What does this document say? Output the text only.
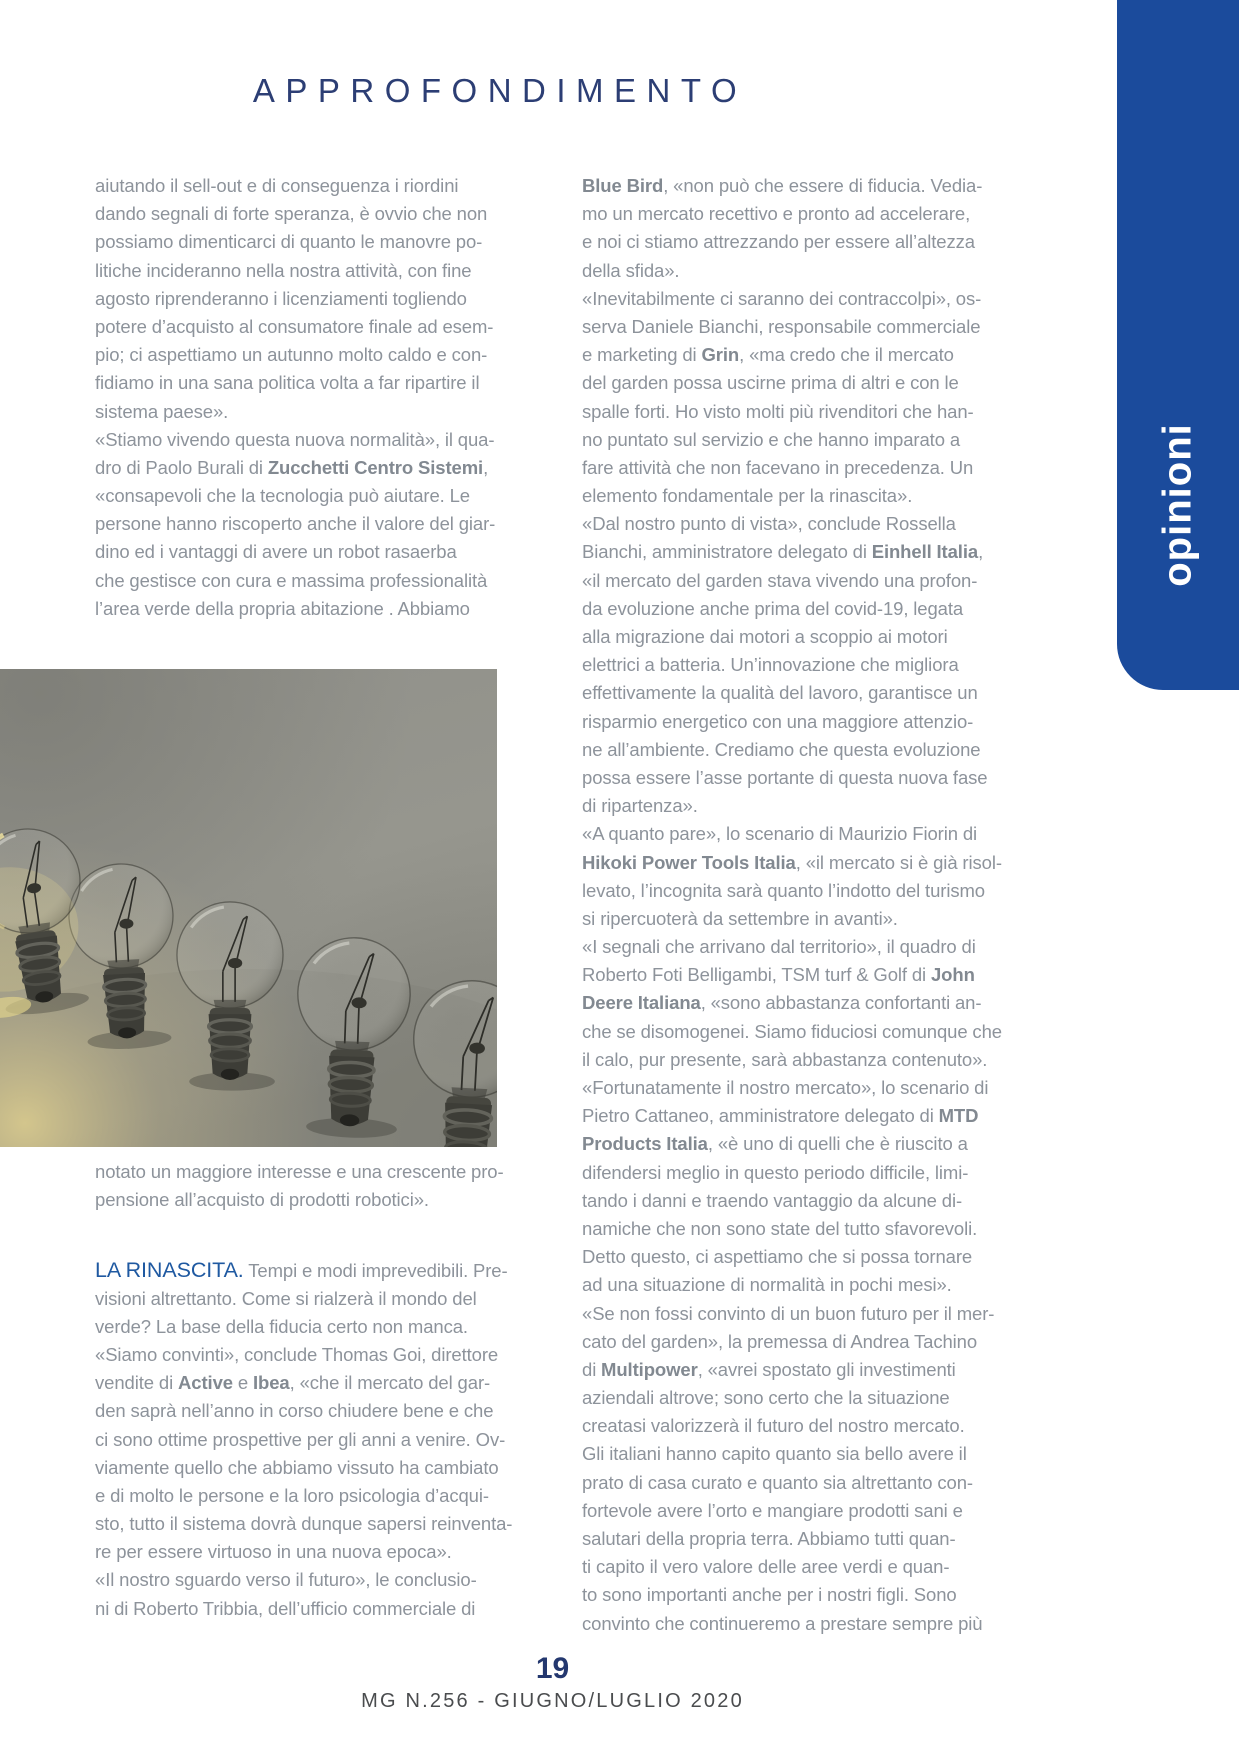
APPROFONDIMENTO
opinioni
aiutando il sell-out e di conseguenza i riordini
dando segnali di forte speranza, è ovvio che non
possiamo dimenticarci di quanto le manovre po-
litiche incideranno nella nostra attività, con fine
agosto riprenderanno i licenziamenti togliendo
potere d’acquisto al consumatore finale ad esem-
pio; ci aspettiamo un autunno molto caldo e con-
fidiamo in una sana politica volta a far ripartire il
sistema paese».
«Stiamo vivendo questa nuova normalità», il qua-
dro di Paolo Burali di Zucchetti Centro Sistemi,
«consapevoli che la tecnologia può aiutare. Le
persone hanno riscoperto anche il valore del giar-
dino ed i vantaggi di avere un robot rasaerba
che gestisce con cura e massima professionalità
l’area verde della propria abitazione . Abbiamo
notato un maggiore interesse e una crescente pro-
pensione all’acquisto di prodotti robotici».
LA RINASCITA. Tempi e modi imprevedibili. Pre-
visioni altrettanto. Come si rialzerà il mondo del
verde? La base della fiducia certo non manca.
«Siamo convinti», conclude Thomas Goi, direttore
vendite di Active e Ibea, «che il mercato del gar-
den saprà nell’anno in corso chiudere bene e che
ci sono ottime prospettive per gli anni a venire. Ov-
viamente quello che abbiamo vissuto ha cambiato
e di molto le persone e la loro psicologia d’acqui-
sto, tutto il sistema dovrà dunque sapersi reinventa-
re per essere virtuoso in una nuova epoca».
«Il nostro sguardo verso il futuro», le conclusio-
ni di Roberto Tribbia, dell’ufficio commerciale di
Blue Bird, «non può che essere di fiducia. Vedia-
mo un mercato recettivo e pronto ad accelerare,
e noi ci stiamo attrezzando per essere all’altezza
della sfida».
«Inevitabilmente ci saranno dei contraccolpi», os-
serva Daniele Bianchi, responsabile commerciale
e marketing di Grin, «ma credo che il mercato
del garden possa uscirne prima di altri e con le
spalle forti. Ho visto molti più rivenditori che han-
no puntato sul servizio e che hanno imparato a
fare attività che non facevano in precedenza. Un
elemento fondamentale per la rinascita».
«Dal nostro punto di vista», conclude Rossella
Bianchi, amministratore delegato di Einhell Italia,
«il mercato del garden stava vivendo una profon-
da evoluzione anche prima del covid-19, legata
alla migrazione dai motori a scoppio ai motori
elettrici a batteria. Un’innovazione che migliora
effettivamente la qualità del lavoro, garantisce un
risparmio energetico con una maggiore attenzio-
ne all’ambiente. Crediamo che questa evoluzione
possa essere l’asse portante di questa nuova fase
di ripartenza».
«A quanto pare», lo scenario di Maurizio Fiorin di
Hikoki Power Tools Italia, «il mercato si è già risol-
levato, l’incognita sarà quanto l’indotto del turismo
si ripercuoterà da settembre in avanti».
«I segnali che arrivano dal territorio», il quadro di
Roberto Foti Belligambi, TSM turf & Golf di John
Deere Italiana, «sono abbastanza confortanti an-
che se disomogenei. Siamo fiduciosi comunque che
il calo, pur presente, sarà abbastanza contenuto».
«Fortunatamente il nostro mercato», lo scenario di
Pietro Cattaneo, amministratore delegato di MTD
Products Italia, «è uno di quelli che è riuscito a
difendersi meglio in questo periodo difficile, limi-
tando i danni e traendo vantaggio da alcune di-
namiche che non sono state del tutto sfavorevoli.
Detto questo, ci aspettiamo che si possa tornare
ad una situazione di normalità in pochi mesi».
«Se non fossi convinto di un buon futuro per il mer-
cato del garden», la premessa di Andrea Tachino
di Multipower, «avrei spostato gli investimenti
aziendali altrove; sono certo che la situazione
creatasi valorizzerà il futuro del nostro mercato.
Gli italiani hanno capito quanto sia bello avere il
prato di casa curato e quanto sia altrettanto con-
fortevole avere l’orto e mangiare prodotti sani e
salutari della propria terra. Abbiamo tutti quan-
ti capito il vero valore delle aree verdi e quan-
to sono importanti anche per i nostri figli. Sono
convinto che continueremo a prestare sempre più
19
MG N.256 - GIUGNO/LUGLIO 2020
